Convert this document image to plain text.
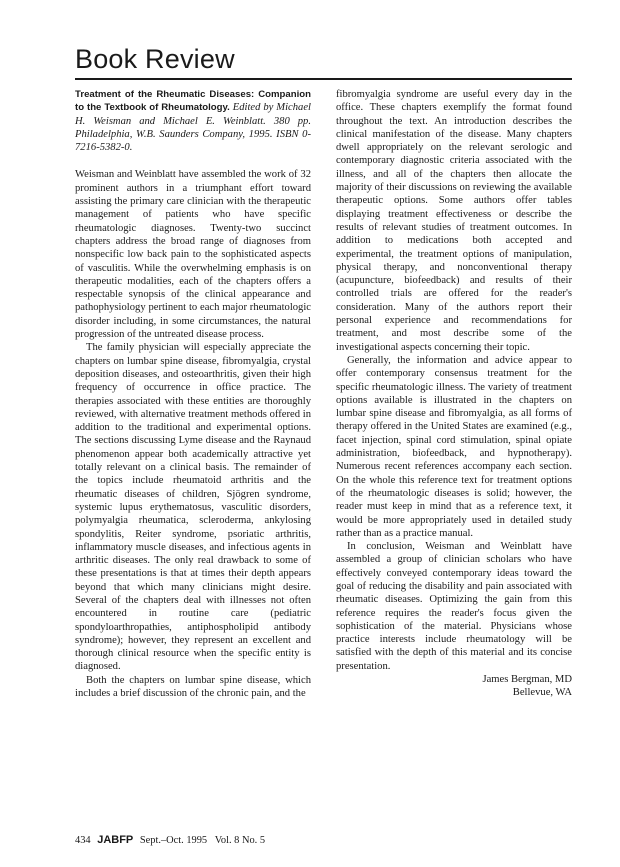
Book Review

Treatment of the Rheumatic Diseases: Companion to the Textbook of Rheumatology. Edited by Michael H. Weisman and Michael E. Weinblatt. 380 pp. Philadelphia, W.B. Saunders Company, 1995. ISBN 0-7216-5382-0.

Weisman and Weinblatt have assembled the work of 32 prominent authors in a triumphant effort toward assisting the primary care clinician with the therapeutic management of patients who have specific rheumatologic diagnoses. Twenty-two succinct chapters address the broad range of diagnoses from nonspecific low back pain to the sophisticated aspects of vasculitis. While the overwhelming emphasis is on therapeutic modalities, each of the chapters offers a respectable synopsis of the clinical appearance and pathophysiology pertinent to each major rheumatologic disorder including, in some circumstances, the natural progression of the untreated disease process.

The family physician will especially appreciate the chapters on lumbar spine disease, fibromyalgia, crystal deposition diseases, and osteoarthritis, given their high frequency of occurrence in office practice. The therapies associated with these entities are thoroughly reviewed, with alternative treatment methods offered in addition to the traditional and experimental options. The sections discussing Lyme disease and the Raynaud phenomenon appear both academically attractive yet totally relevant on a clinical basis. The remainder of the topics include rheumatoid arthritis and the rheumatic diseases of children, Sjögren syndrome, systemic lupus erythematosus, vasculitic disorders, polymyalgia rheumatica, scleroderma, ankylosing spondylitis, Reiter syndrome, psoriatic arthritis, inflammatory muscle diseases, and infectious agents in arthritic diseases. The only real drawback to some of these presentations is that at times their depth appears beyond that which many clinicians might desire. Several of the chapters deal with illnesses not often encountered in routine care (pediatric spondyloarthropathies, antiphospholipid antibody syndrome); however, they represent an excellent and thorough clinical resource when the specific entity is diagnosed.

Both the chapters on lumbar spine disease, which includes a brief discussion of the chronic pain, and the

fibromyalgia syndrome are useful every day in the office. These chapters exemplify the format found throughout the text. An introduction describes the clinical manifestation of the disease. Many chapters dwell appropriately on the relevant serologic and contemporary diagnostic criteria associated with the illness, and all of the chapters then allocate the majority of their discussions on reviewing the available therapeutic options. Some authors offer tables displaying treatment effectiveness or describe the results of relevant studies of treatment outcomes. In addition to medications both accepted and experimental, the treatment options of manipulation, physical therapy, and nonconventional therapy (acupuncture, biofeedback) and results of their controlled trials are offered for the reader's consideration. Many of the authors report their personal experience and recommendations for treatment, and most describe some of the investigational aspects concerning their topic.

Generally, the information and advice appear to offer contemporary consensus treatment for the specific rheumatologic illness. The variety of treatment options available is illustrated in the chapters on lumbar spine disease and fibromyalgia, as all forms of therapy offered in the United States are examined (e.g., facet injection, spinal cord stimulation, spinal opiate administration, biofeedback, and hypnotherapy). Numerous recent references accompany each section. On the whole this reference text for treatment options of the rheumatologic diseases is solid; however, the reader must keep in mind that as a reference text, it would be more appropriately used in detailed study rather than as a practice manual.

In conclusion, Weisman and Weinblatt have assembled a group of clinician scholars who have effectively conveyed contemporary ideas toward the goal of reducing the disability and pain associated with rheumatic diseases. Optimizing the gain from this reference requires the reader's focus given the sophistication of the material. Physicians whose practice interests include rheumatology will be satisfied with the depth of this material and its concise presentation.

James Bergman, MD

Bellevue, WA

434 JABFP Sept.–Oct. 1995 Vol. 8 No. 5
